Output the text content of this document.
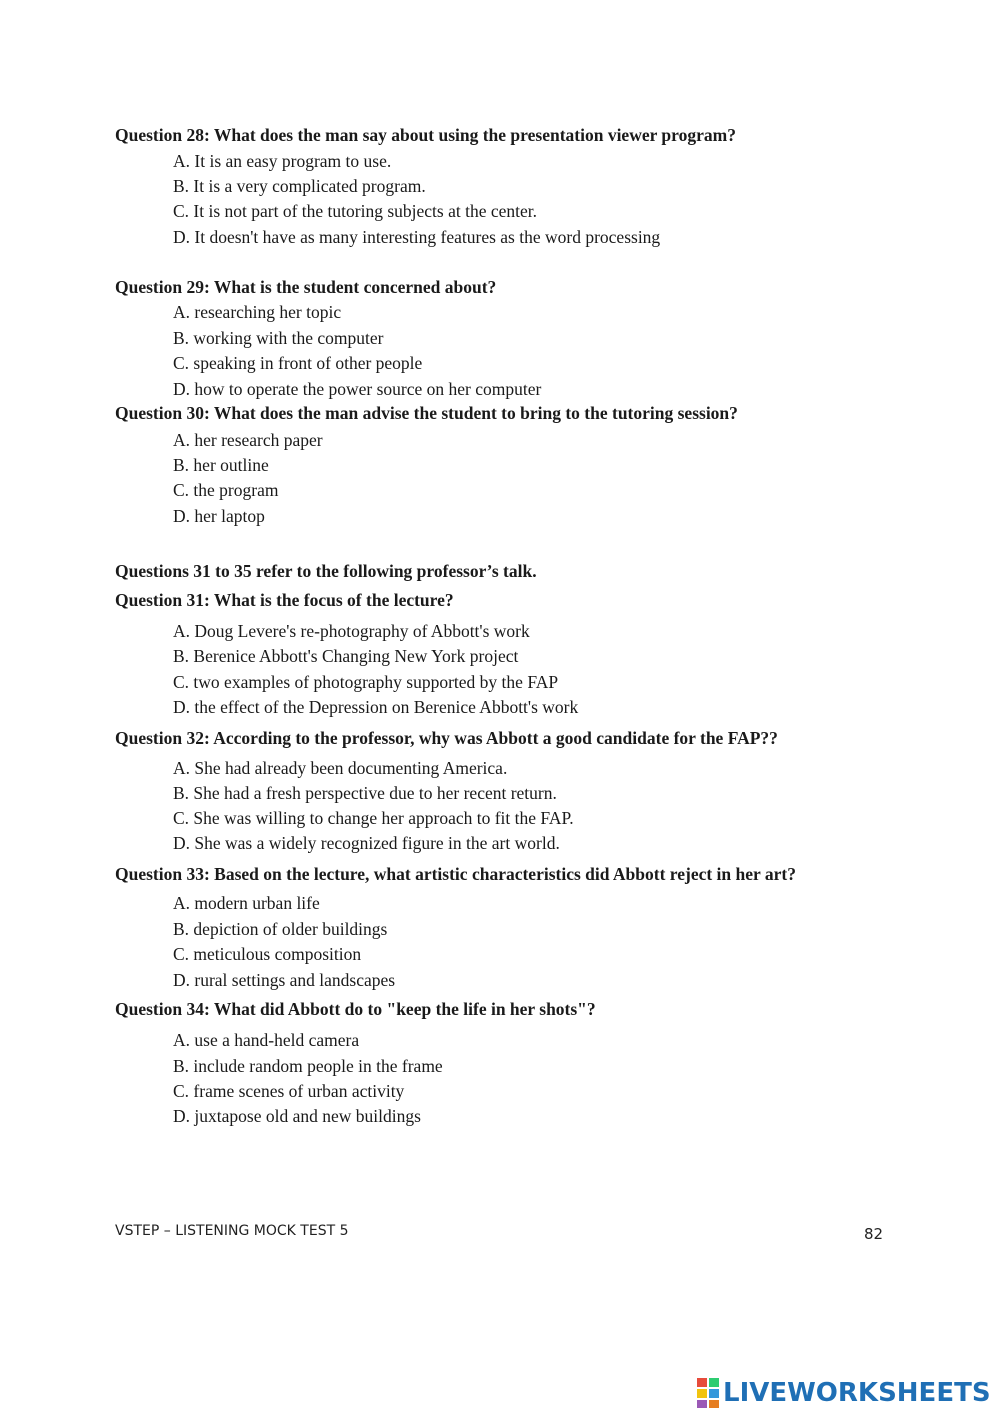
Question 28: What does the man say about using the presentation viewer program?
A. It is an easy program to use.
B. It is a very complicated program.
C. It is not part of the tutoring subjects at the center.
D. It doesn't have as many interesting features as the word processing
Question 29: What is the student concerned about?
A. researching her topic
B. working with the computer
C. speaking in front of other people
D. how to operate the power source on her computer
Question 30: What does the man advise the student to bring to the tutoring session?
A. her research paper
B. her outline
C. the program
D. her laptop
Questions 31 to 35 refer to the following professor’s talk.
Question 31: What is the focus of the lecture?
A. Doug Levere's re-photography of Abbott's work
B. Berenice Abbott's Changing New York project
C. two examples of photography supported by the FAP
D. the effect of the Depression on Berenice Abbott's work
Question 32: According to the professor, why was Abbott a good candidate for the FAP??
A. She had already been documenting America.
B. She had a fresh perspective due to her recent return.
C. She was willing to change her approach to fit the FAP.
D. She was a widely recognized figure in the art world.
Question 33: Based on the lecture, what artistic characteristics did Abbott reject in her art?
A. modern urban life
B. depiction of older buildings
C. meticulous composition
D. rural settings and landscapes
Question 34: What did Abbott do to "keep the life in her shots"?
A. use a hand-held camera
B. include random people in the frame
C. frame scenes of urban activity
D. juxtapose old and new buildings
VSTEP – LISTENING MOCK TEST 5	82
LIVEWORKSHEETS
